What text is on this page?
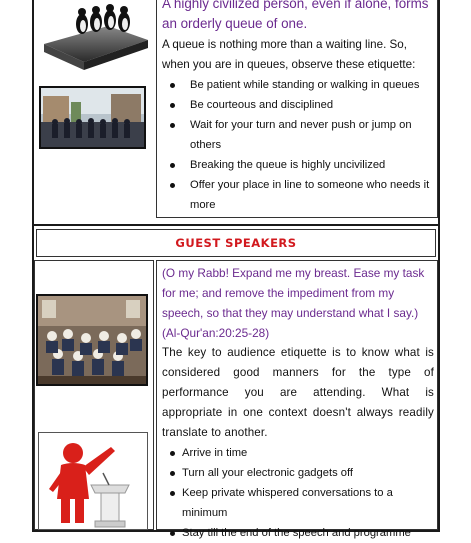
A highly civilized person, even if alone, forms an orderly queue of one.
A queue is nothing more than a waiting line. So, when you are in queues, observe these etiquette:
Be patient while standing or walking in queues
Be courteous and disciplined
Wait for your turn and never push or jump on others
Breaking the queue is highly uncivilized
Offer your place in line to someone who needs it more
GUEST SPEAKERS
(O my Rabb! Expand me my breast. Ease my task for me; and remove the impediment from my speech, so that they may understand what I say.)
(Al-Qur'an:20:25-28)
The key to audience etiquette is to know what is considered good manners for the type of performance you are attending. What is appropriate in one context doesn't always readily translate to another.
Arrive in time
Turn all your electronic gadgets off
Keep private whispered conversations to a minimum
Stay till the end of the speech and programme
